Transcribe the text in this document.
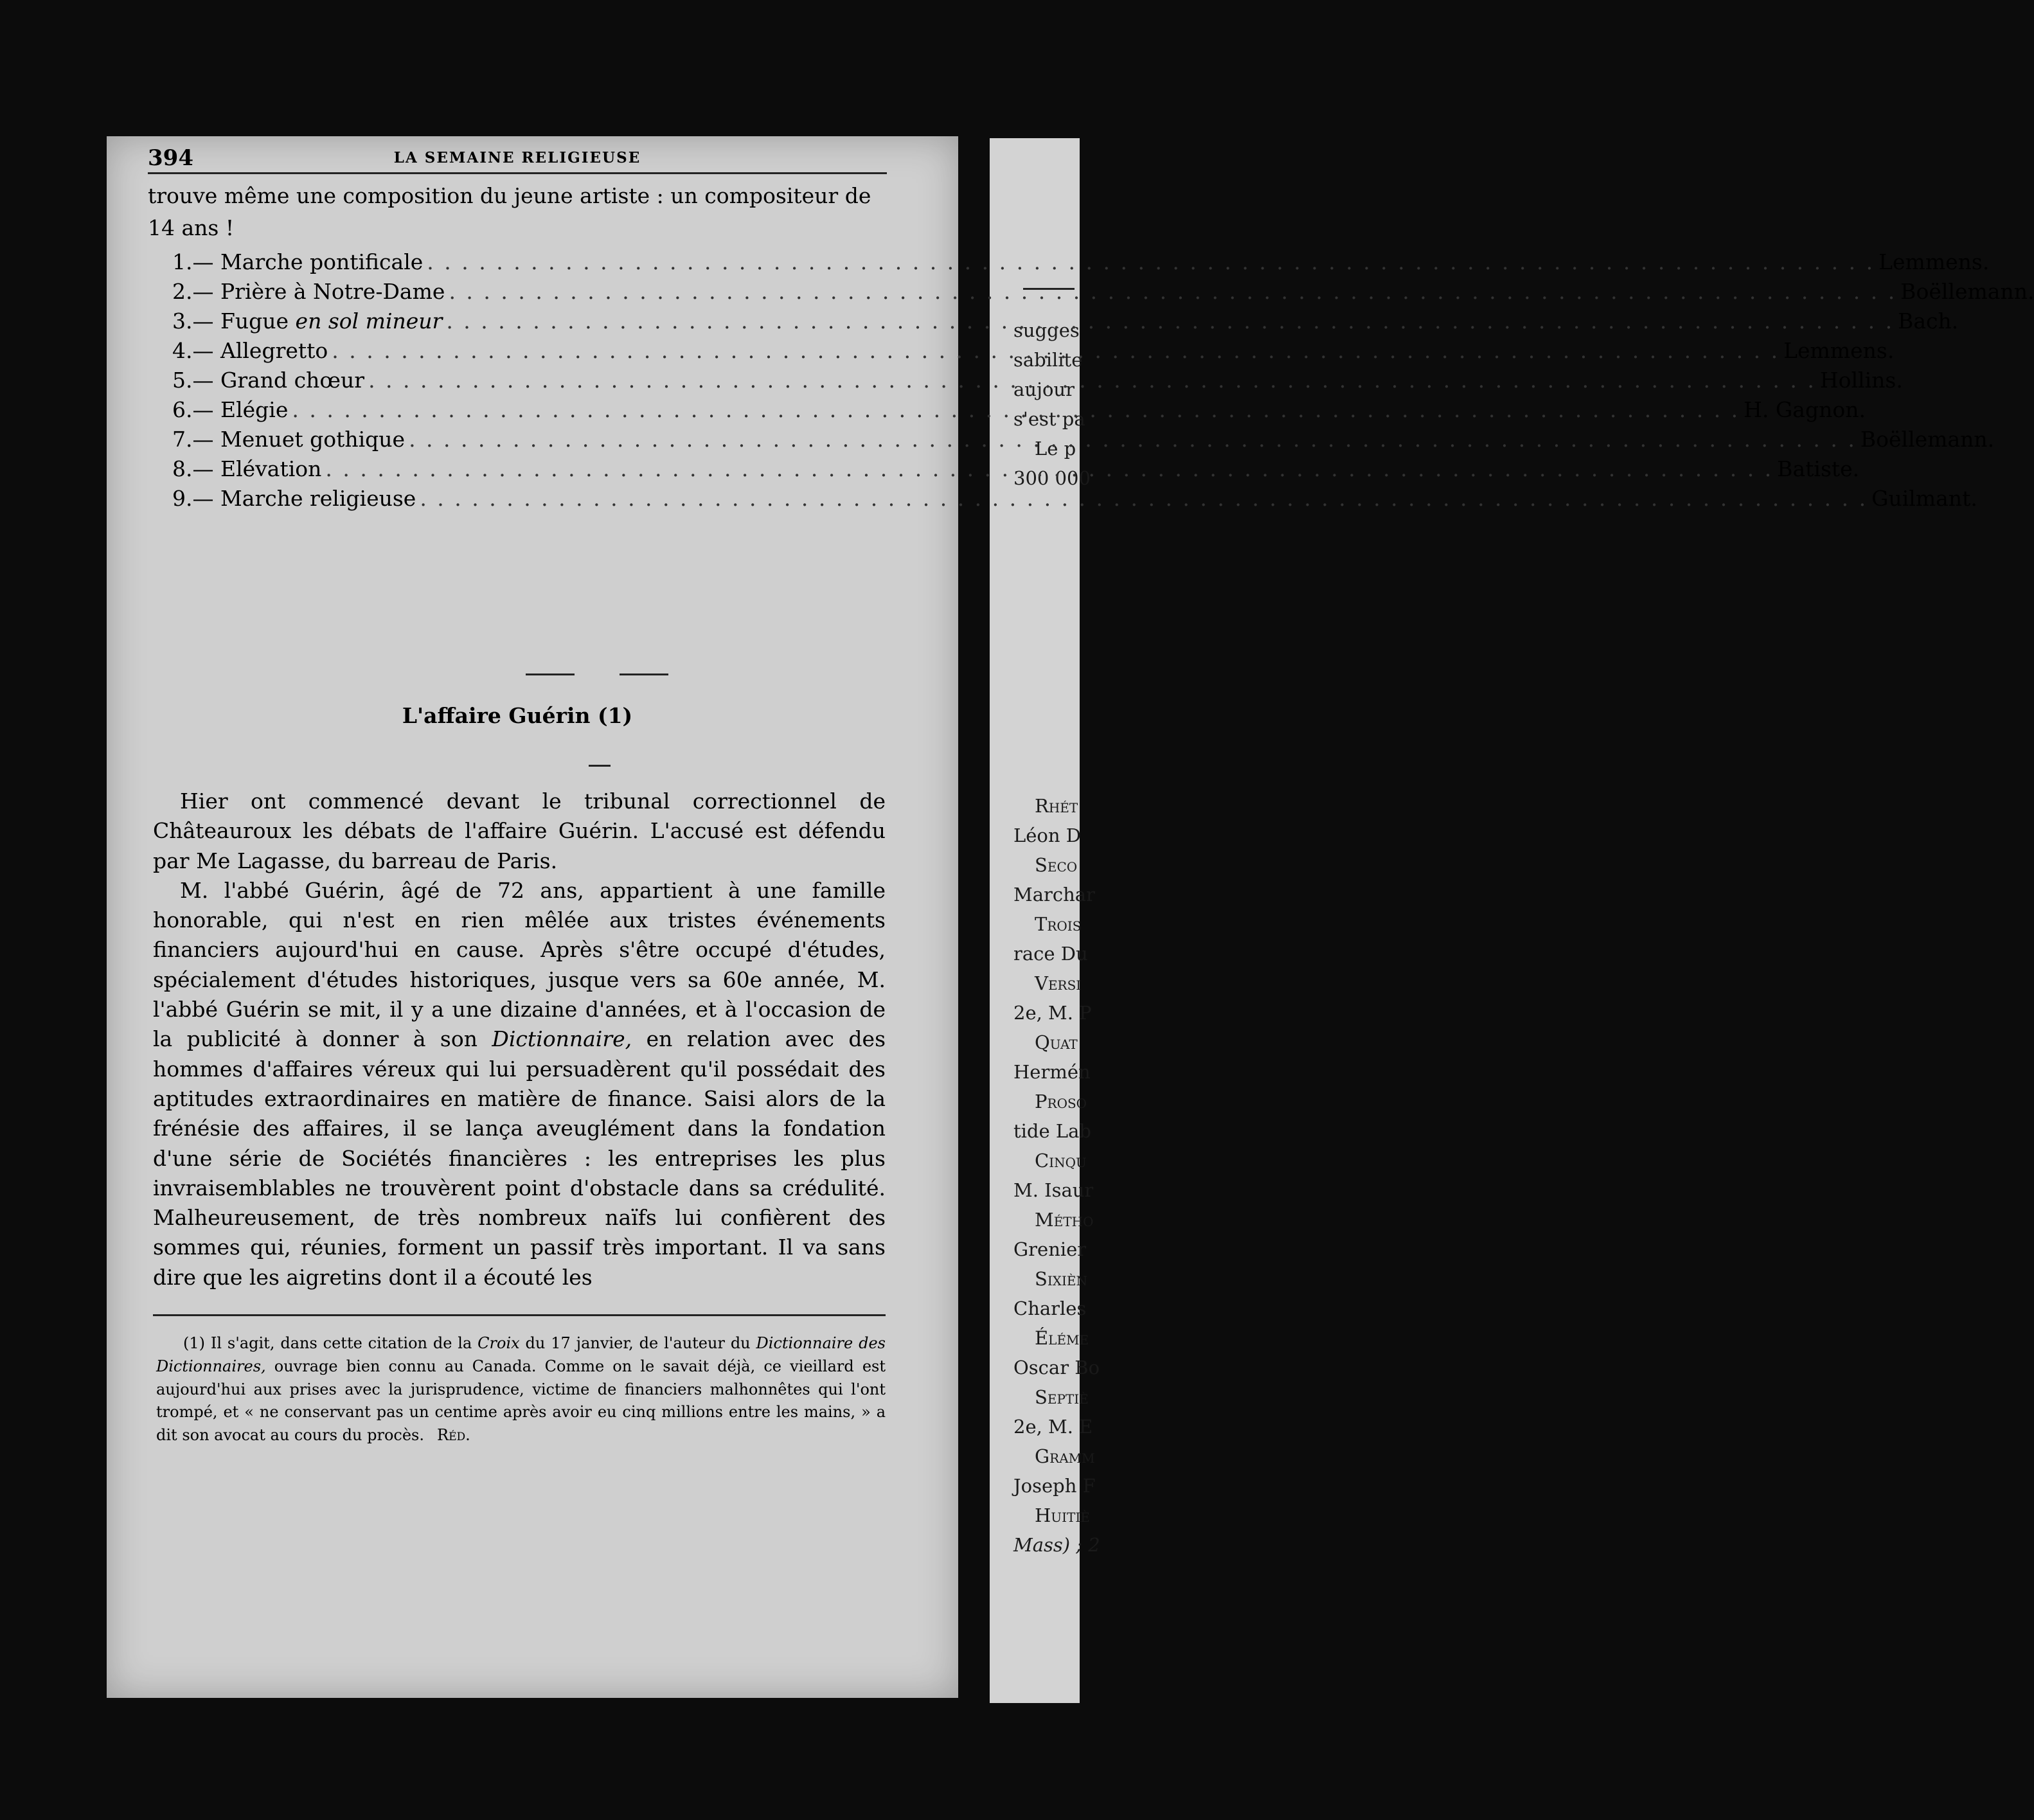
sugges
sabilite
aujour
s'est pa
Le p
300 000
Rhét
Léon D
Seco
Marchar
Trois
race Du
Versi
2e, M. P
Quat
Hermén
Proso
tide Lab
Cinqu
M. Isaur
Métho
Grenier
Sixièn
Charles
Éléme
Oscar Bo
Septiè
2e, M. E
Gramm
Joseph F
Huitiè
Mass) ; 2
394	LA SEMAINE RELIGIEUSE
trouve même une composition du jeune artiste : un compositeur de 14 ans !
1. — Marche pontificale . . .	Lemmens.
2. — Prière à Notre-Dame . . .	Boëllemann.
3. — Fugue en sol mineur . . .	Bach.
4. — Allegretto . . .	Lemmens.
5. — Grand chœur . . .	Hollins.
6. — Elégie . . .	H. Gagnon.
7. — Menuet gothique . . .	Boëllemann.
8. — Elévation . . .	Batiste.
9. — Marche religieuse . . .	Guilmant.
L'affaire Guérin (1)

Hier ont commencé devant le tribunal correctionnel de Châteauroux les débats de l'affaire Guérin. L'accusé est défendu par Me Lagasse, du barreau de Paris.

M. l'abbé Guérin, âgé de 72 ans, appartient à une famille honorable, qui n'est en rien mêlée aux tristes événements financiers aujourd'hui en cause. Après s'être occupé d'études, spécialement d'études historiques, jusque vers sa 60e année, M. l'abbé Guérin se mit, il y a une dizaine d'années, et à l'occasion de la publicité à donner à son Dictionnaire, en relation avec des hommes d'affaires véreux qui lui persuadèrent qu'il possédait des aptitudes extraordinaires en matière de finance. Saisi alors de la frénésie des affaires, il se lança aveuglément dans la fondation d'une série de Sociétés financières : les entreprises les plus invraisemblables ne trouvèrent point d'obstacle dans sa crédulité. Malheureusement, de très nombreux naïfs lui confièrent des sommes qui, réunies, forment un passif très important. Il va sans dire que les aigretins dont il a écouté les

(1) Il s'agit, dans cette citation de la Croix du 17 janvier, de l'auteur du Dictionnaire des Dictionnaires, ouvrage bien connu au Canada. Comme on le savait déjà, ce vieillard est aujourd'hui aux prises avec la jurisprudence, victime de financiers malhonnêtes qui l'ont trompé, et « ne conservant pas un centime après avoir eu cinq millions entre les mains, » a dit son avocat au cours du procès. Réd.
